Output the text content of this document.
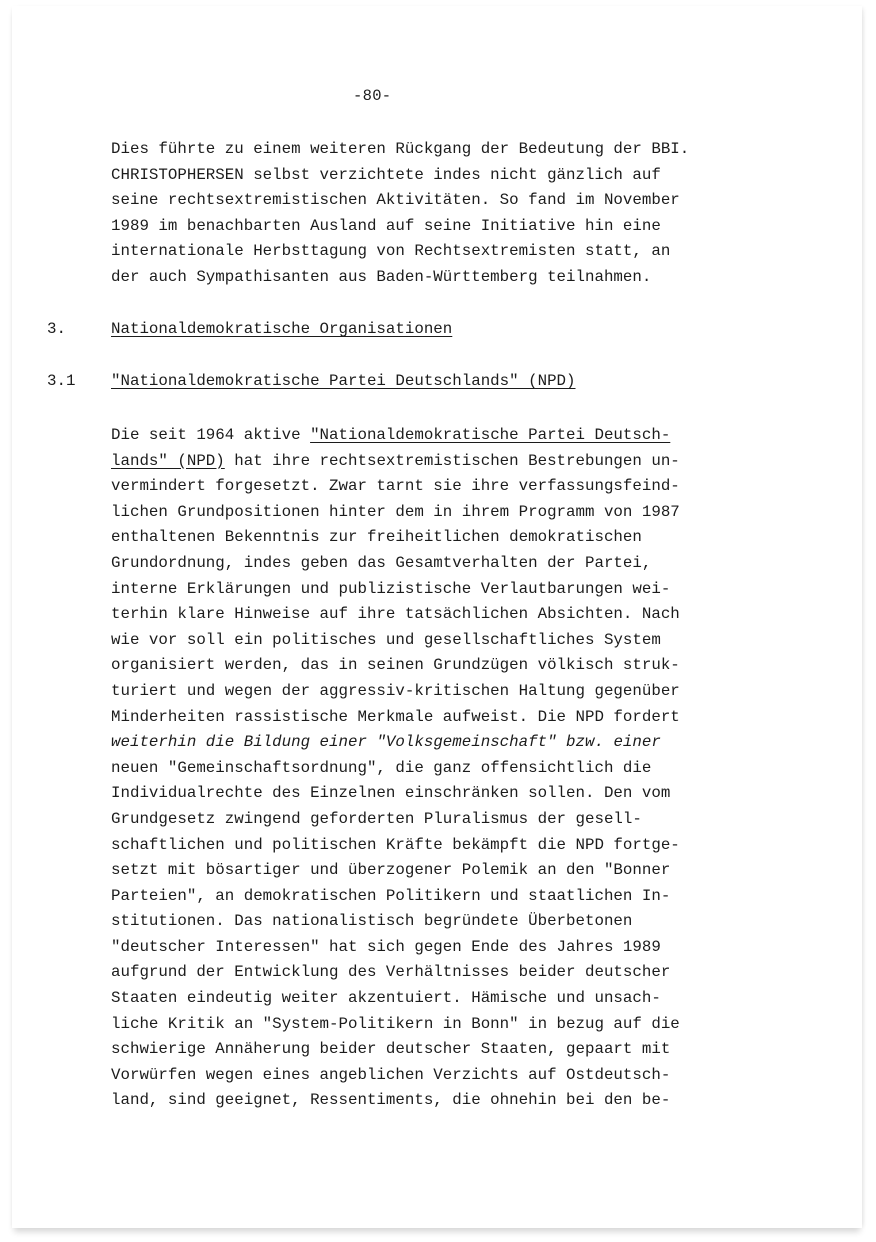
-80-
Dies führte zu einem weiteren Rückgang der Bedeutung der BBI.
CHRISTOPHERSEN selbst verzichtete indes nicht gänzlich auf
seine rechtsextremistischen Aktivitäten. So fand im November
1989 im benachbarten Ausland auf seine Initiative hin eine
internationale Herbsttagung von Rechtsextremisten statt, an
der auch Sympathisanten aus Baden-Württemberg teilnahmen.
3.	Nationaldemokratische Organisationen
3.1 "Nationaldemokratische Partei Deutschlands" (NPD)
Die seit 1964 aktive "Nationaldemokratische Partei Deutsch-
lands" (NPD) hat ihre rechtsextremistischen Bestrebungen un-
vermindert forgesetzt. Zwar tarnt sie ihre verfassungsfeind-
lichen Grundpositionen hinter dem in ihrem Programm von 1987
enthaltenen Bekenntnis zur freiheitlichen demokratischen
Grundordnung, indes geben das Gesamtverhalten der Partei,
interne Erklärungen und publizistische Verlautbarungen wei-
terhin klare Hinweise auf ihre tatsächlichen Absichten. Nach
wie vor soll ein politisches und gesellschaftliches System
organisiert werden, das in seinen Grundzügen völkisch struk-
turiert und wegen der aggressiv-kritischen Haltung gegenüber
Minderheiten rassistische Merkmale aufweist. Die NPD fordert
weiterhin die Bildung einer "Volksgemeinschaft" bzw. einer
neuen "Gemeinschaftsordnung", die ganz offensichtlich die
Individualrechte des Einzelnen einschränken sollen. Den vom
Grundgesetz zwingend geforderten Pluralismus der gesell-
schaftlichen und politischen Kräfte bekämpft die NPD fortge-
setzt mit bösartiger und überzogener Polemik an den "Bonner
Parteien", an demokratischen Politikern und staatlichen In-
stitutionen. Das nationalistisch begründete Überbetonen
"deutscher Interessen" hat sich gegen Ende des Jahres 1989
aufgrund der Entwicklung des Verhältnisses beider deutscher
Staaten eindeutig weiter akzentuiert. Hämische und unsach-
liche Kritik an "System-Politikern in Bonn" in bezug auf die
schwierige Annäherung beider deutscher Staaten, gepaart mit
Vorwürfen wegen eines angeblichen Verzichts auf Ostdeutsch-
land, sind geeignet, Ressentiments, die ohnehin bei den be-
